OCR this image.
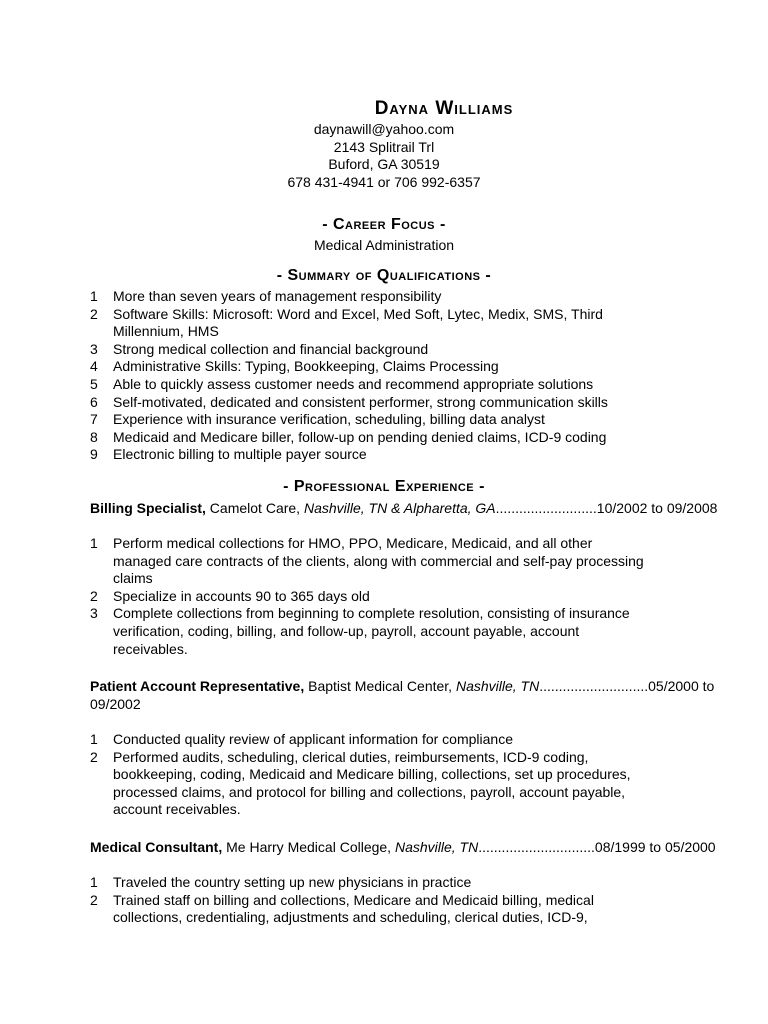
Dayna Williams
daynawill@yahoo.com
2143 Splitrail Trl
Buford, GA 30519
678 431-4941 or 706 992-6357
- Career Focus -
Medical Administration
- Summary of Qualifications -
1 More than seven years of management responsibility
2 Software Skills: Microsoft: Word and Excel, Med Soft, Lytec, Medix, SMS, Third Millennium, HMS
3 Strong medical collection and financial background
4 Administrative Skills: Typing, Bookkeeping, Claims Processing
5 Able to quickly assess customer needs and recommend appropriate solutions
6 Self-motivated, dedicated and consistent performer, strong communication skills
7 Experience with insurance verification, scheduling, billing data analyst
8 Medicaid and Medicare biller, follow-up on pending denied claims, ICD-9 coding
9 Electronic billing to multiple payer source
- Professional Experience -
Billing Specialist, Camelot Care, Nashville, TN & Alpharetta, GA..........................10/2002 to 09/2008
1 Perform medical collections for HMO, PPO, Medicare, Medicaid, and all other managed care contracts of the clients, along with commercial and self-pay processing claims
2 Specialize in accounts 90 to 365 days old
3 Complete collections from beginning to complete resolution, consisting of insurance verification, coding, billing, and follow-up, payroll, account payable, account receivables.
Patient Account Representative, Baptist Medical Center, Nashville, TN............................05/2000 to 09/2002
1 Conducted quality review of applicant information for compliance
2 Performed audits, scheduling, clerical duties, reimbursements, ICD-9 coding, bookkeeping, coding, Medicaid and Medicare billing, collections, set up procedures, processed claims, and protocol for billing and collections, payroll, account payable, account receivables.
Medical Consultant, Me Harry Medical College, Nashville, TN..............................08/1999 to 05/2000
1 Traveled the country setting up new physicians in practice
2 Trained staff on billing and collections, Medicare and Medicaid billing, medical collections, credentialing, adjustments and scheduling, clerical duties, ICD-9,
